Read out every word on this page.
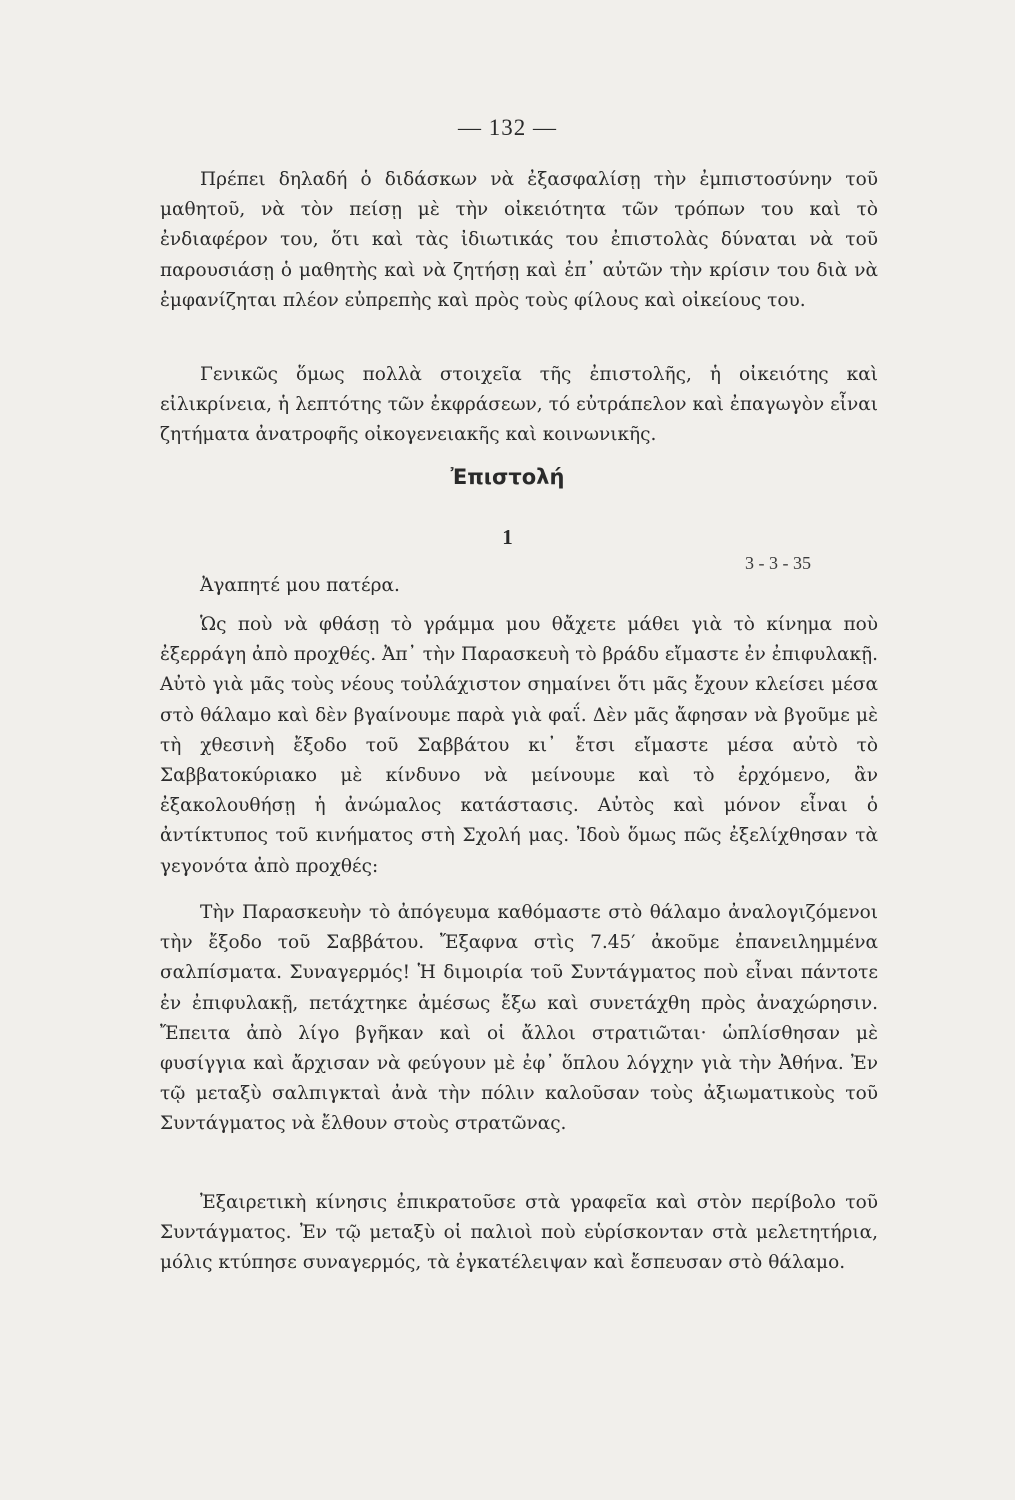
— 132 —

Πρέπει δηλαδή ὁ διδάσκων νὰ ἐξασφαλίσῃ τὴν ἐμπιστοσύνην τοῦ μαθητοῦ, νὰ τὸν πείσῃ μὲ τὴν οἰκειότητα τῶν τρόπων του καὶ τὸ ἐνδιαφέρον του, ὅτι καὶ τὰς ἰδιωτικάς του ἐπιστολὰς δύναται νὰ τοῦ παρουσιάσῃ ὁ μαθητὴς καὶ νὰ ζητήσῃ καὶ ἐπ᾽ αὐτῶν τὴν κρίσιν του διὰ νὰ ἐμφανίζηται πλέον εὐπρεπὴς καὶ πρὸς τοὺς φίλους καὶ οἰκείους του.

Γενικῶς ὅμως πολλὰ στοιχεῖα τῆς ἐπιστολῆς, ἡ οἰκειότης καὶ εἰλικρίνεια, ἡ λεπτότης τῶν ἐκφράσεων, τό εὐτράπελον καὶ ἐπαγωγὸν εἶναι ζητήματα ἀνατροφῆς οἰκογενειακῆς καὶ κοινωνικῆς.

Ἐπιστολή
1
3 - 3 - 35
Ἀγαπητέ μου πατέρα.

Ὡς ποὺ νὰ φθάσῃ τὸ γράμμα μου θἄχετε μάθει γιὰ τὸ κίνημα ποὺ ἐξερράγη ἀπὸ προχθές. Ἀπ᾽ τὴν Παρασκευὴ τὸ βράδυ εἴμαστε ἐν ἐπιφυλακῇ. Αὐτὸ γιὰ μᾶς τοὺς νέους τοὐλάχιστον σημαίνει ὅτι μᾶς ἔχουν κλείσει μέσα στὸ θάλαμο καὶ δὲν βγαίνουμε παρὰ γιὰ φαΐ. Δὲν μᾶς ἄφησαν νὰ βγοῦμε μὲ τὴ χθεσινὴ ἔξοδο τοῦ Σαββάτου κι᾽ ἔτσι εἴμαστε μέσα αὐτὸ τὸ Σαββατοκύριακο μὲ κίνδυνο νὰ μείνουμε καὶ τὸ ἐρχόμενο, ἂν ἐξακολουθήσῃ ἡ ἀνώμαλος κατάστασις. Αὐτὸς καὶ μόνον εἶναι ὁ ἀντίκτυπος τοῦ κινήματος στὴ Σχολή μας. Ἰδοὺ ὅμως πῶς ἐξελίχθησαν τὰ γεγονότα ἀπὸ προχθές:

Τὴν Παρασκευὴν τὸ ἀπόγευμα καθόμαστε στὸ θάλαμο ἀναλογιζόμενοι τὴν ἔξοδο τοῦ Σαββάτου. Ἔξαφνα στὶς 7.45′ ἀκοῦμε ἐπανειλημμένα σαλπίσματα. Συναγερμός! Ἡ διμοιρία τοῦ Συντάγματος ποὺ εἶναι πάντοτε ἐν ἐπιφυλακῇ, πετάχτηκε ἀμέσως ἔξω καὶ συνετάχθη πρὸς ἀναχώρησιν. Ἔπειτα ἀπὸ λίγο βγῆκαν καὶ οἱ ἄλλοι στρατιῶται· ὡπλίσθησαν μὲ φυσίγγια καὶ ἄρχισαν νὰ φεύγουν μὲ ἐφ᾽ ὅπλου λόγχην γιὰ τὴν Ἀθήνα. Ἐν τῷ μεταξὺ σαλπιγκταὶ ἀνὰ τὴν πόλιν καλοῦσαν τοὺς ἀξιωματικοὺς τοῦ Συντάγματος νὰ ἔλθουν στοὺς στρατῶνας.

Ἐξαιρετικὴ κίνησις ἐπικρατοῦσε στὰ γραφεῖα καὶ στὸν περίβολο τοῦ Συντάγματος. Ἐν τῷ μεταξὺ οἱ παλιοὶ ποὺ εὑρίσκονταν στὰ μελετητήρια, μόλις κτύπησε συναγερμός, τὰ ἐγκατέλειψαν καὶ ἔσπευσαν στὸ θάλαμο.
